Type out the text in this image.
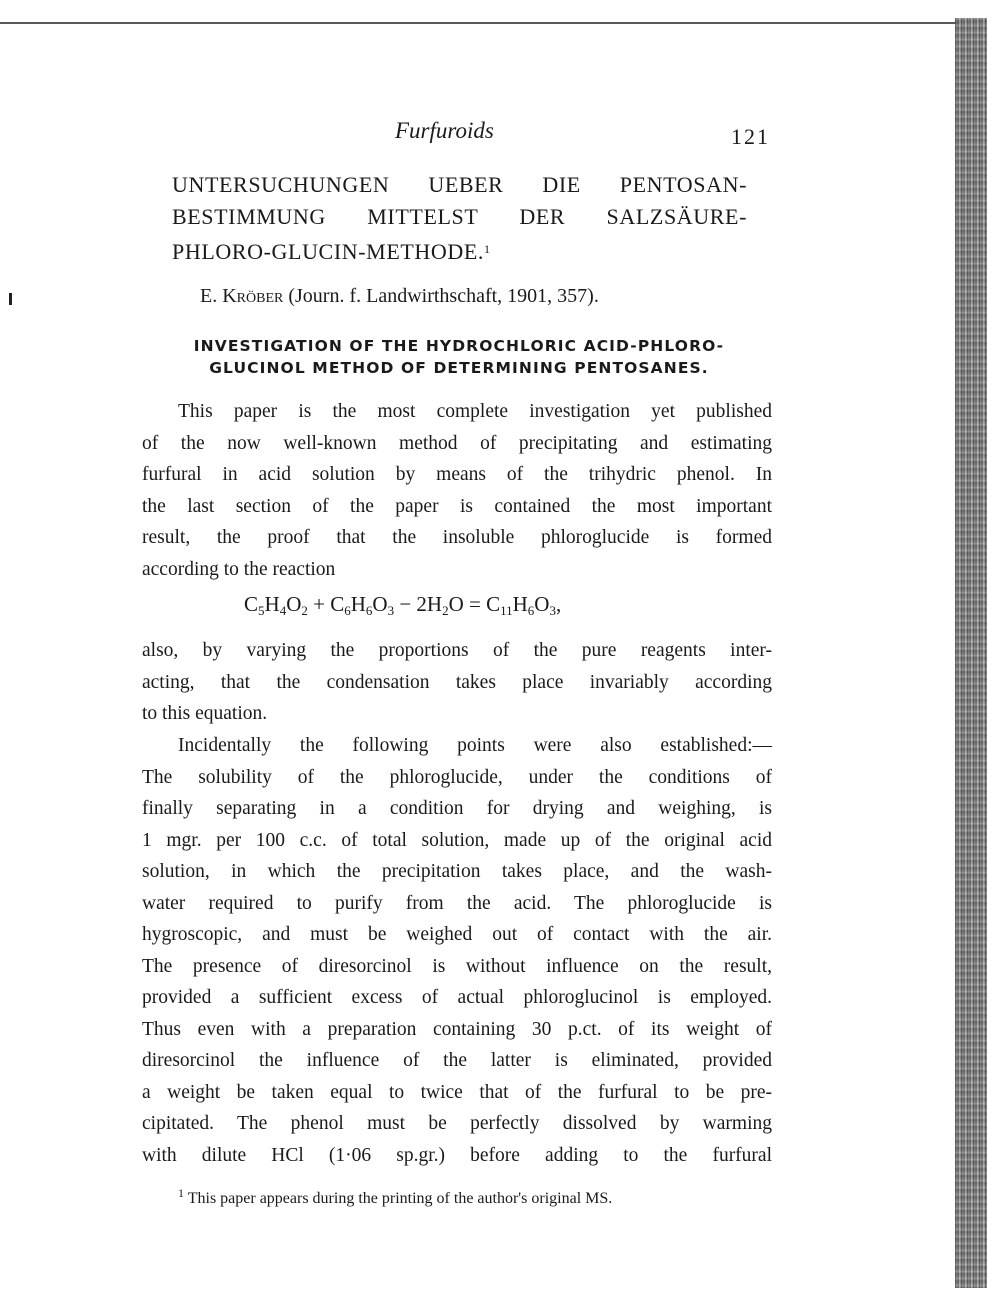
Furfuroids	121
UNTERSUCHUNGEN UEBER DIE PENTOSAN-
BESTIMMUNG MITTELST DER SALZSÄURE-
PHLORO-GLUCIN-METHODE.$^1$
E. Kröber (Journ. f. Landwirthschaft, 1901, 357).
INVESTIGATION OF THE HYDROCHLORIC ACID-PHLORO-
GLUCINOL METHOD OF DETERMINING PENTOSANES.
This paper is the most complete investigation yet published
of the now well-known method of precipitating and estimating
furfural in acid solution by means of the trihydric phenol. In
the last section of the paper is contained the most important
result, the proof that the insoluble phloroglucide is formed
according to the reaction
$C_5H_4O_2 + C_6H_6O_3 - 2H_2O = C_{11}H_6O_3$,
also, by varying the proportions of the pure reagents inter-
acting, that the condensation takes place invariably according
to this equation.
Incidentally the following points were also established:—
The solubility of the phloroglucide, under the conditions of
finally separating in a condition for drying and weighing, is
1 mgr. per 100 c.c. of total solution, made up of the original acid
solution, in which the precipitation takes place, and the wash-
water required to purify from the acid. The phloroglucide is
hygroscopic, and must be weighed out of contact with the air.
The presence of diresorcinol is without influence on the result,
provided a sufficient excess of actual phloroglucinol is employed.
Thus even with a preparation containing 30 p.ct. of its weight of
diresorcinol the influence of the latter is eliminated, provided
a weight be taken equal to twice that of the furfural to be pre-
cipitated. The phenol must be perfectly dissolved by warming
with dilute HCl (1·06 sp.gr.) before adding to the furfural
$^1$ This paper appears during the printing of the author's original MS.
